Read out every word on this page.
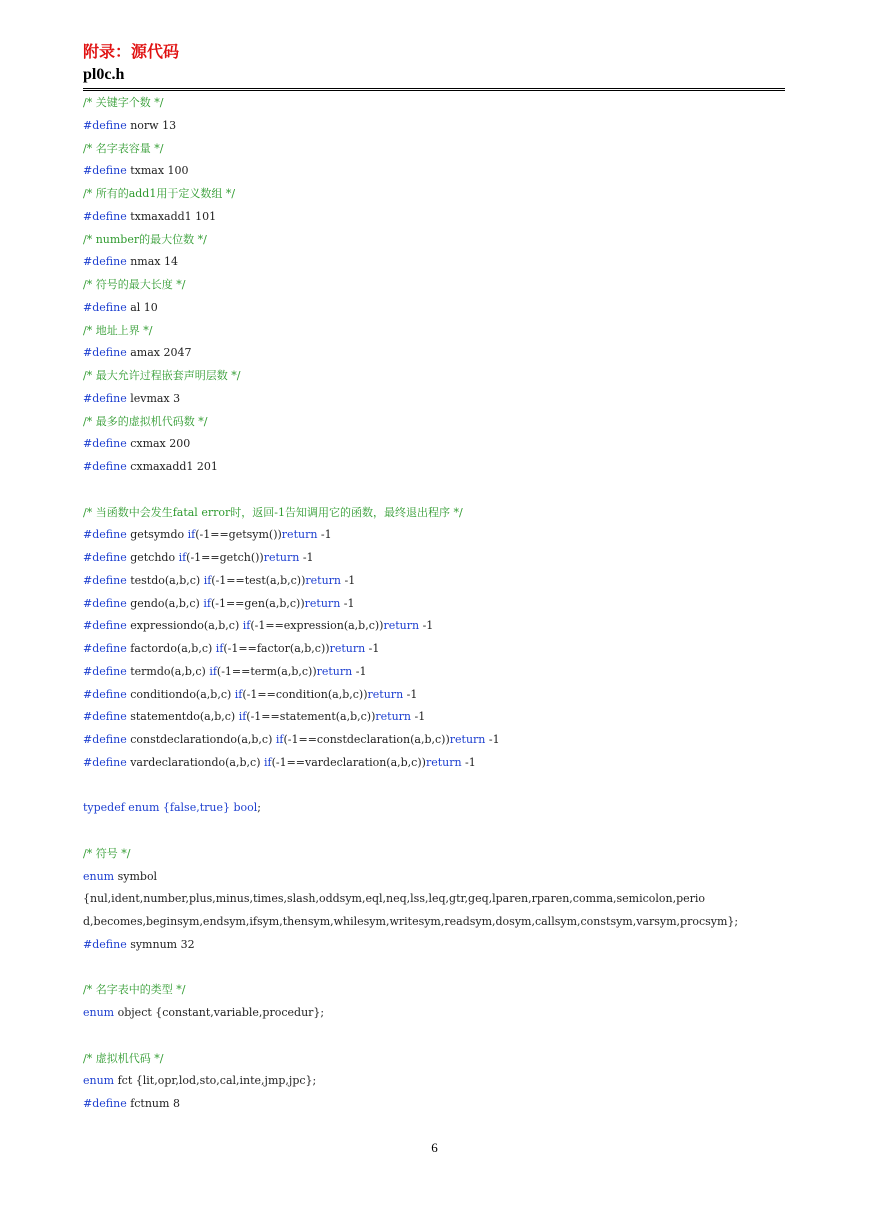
附录：源代码
pl0c.h
/* 关键字个数 */
#define norw 13
/* 名字表容量 */
#define txmax 100
/* 所有的add1用于定义数组 */
#define txmaxadd1 101
/* number的最大位数 */
#define nmax 14
/* 符号的最大长度 */
#define al 10
/* 地址上界 */
#define amax 2047
/* 最大允许过程嵌套声明层数 */
#define levmax 3
/* 最多的虚拟机代码数 */
#define cxmax 200
#define cxmaxadd1 201
/* 当函数中会发生fatal error时，返回-1告知调用它的函数，最终退出程序 */
#define getsymdo if(-1==getsym())return -1
#define getchdo if(-1==getch())return -1
#define testdo(a,b,c) if(-1==test(a,b,c))return -1
#define gendo(a,b,c) if(-1==gen(a,b,c))return -1
#define expressiondo(a,b,c) if(-1==expression(a,b,c))return -1
#define factordo(a,b,c) if(-1==factor(a,b,c))return -1
#define termdo(a,b,c) if(-1==term(a,b,c))return -1
#define conditiondo(a,b,c) if(-1==condition(a,b,c))return -1
#define statementdo(a,b,c) if(-1==statement(a,b,c))return -1
#define constdeclarationdo(a,b,c) if(-1==constdeclaration(a,b,c))return -1
#define vardeclarationdo(a,b,c) if(-1==vardeclaration(a,b,c))return -1
typedef enum {false,true} bool;
/* 符号 */
enum symbol
{nul,ident,number,plus,minus,times,slash,oddsym,eql,neq,lss,leq,gtr,geq,lparen,rparen,comma,semicolon,perio
d,becomes,beginsym,endsym,ifsym,thensym,whilesym,writesym,readsym,dosym,callsym,constsym,varsym,procsym};
#define symnum 32
/* 名字表中的类型 */
enum object {constant,variable,procedur};
/* 虚拟机代码 */
enum fct {lit,opr,lod,sto,cal,inte,jmp,jpc};
#define fctnum 8
6
